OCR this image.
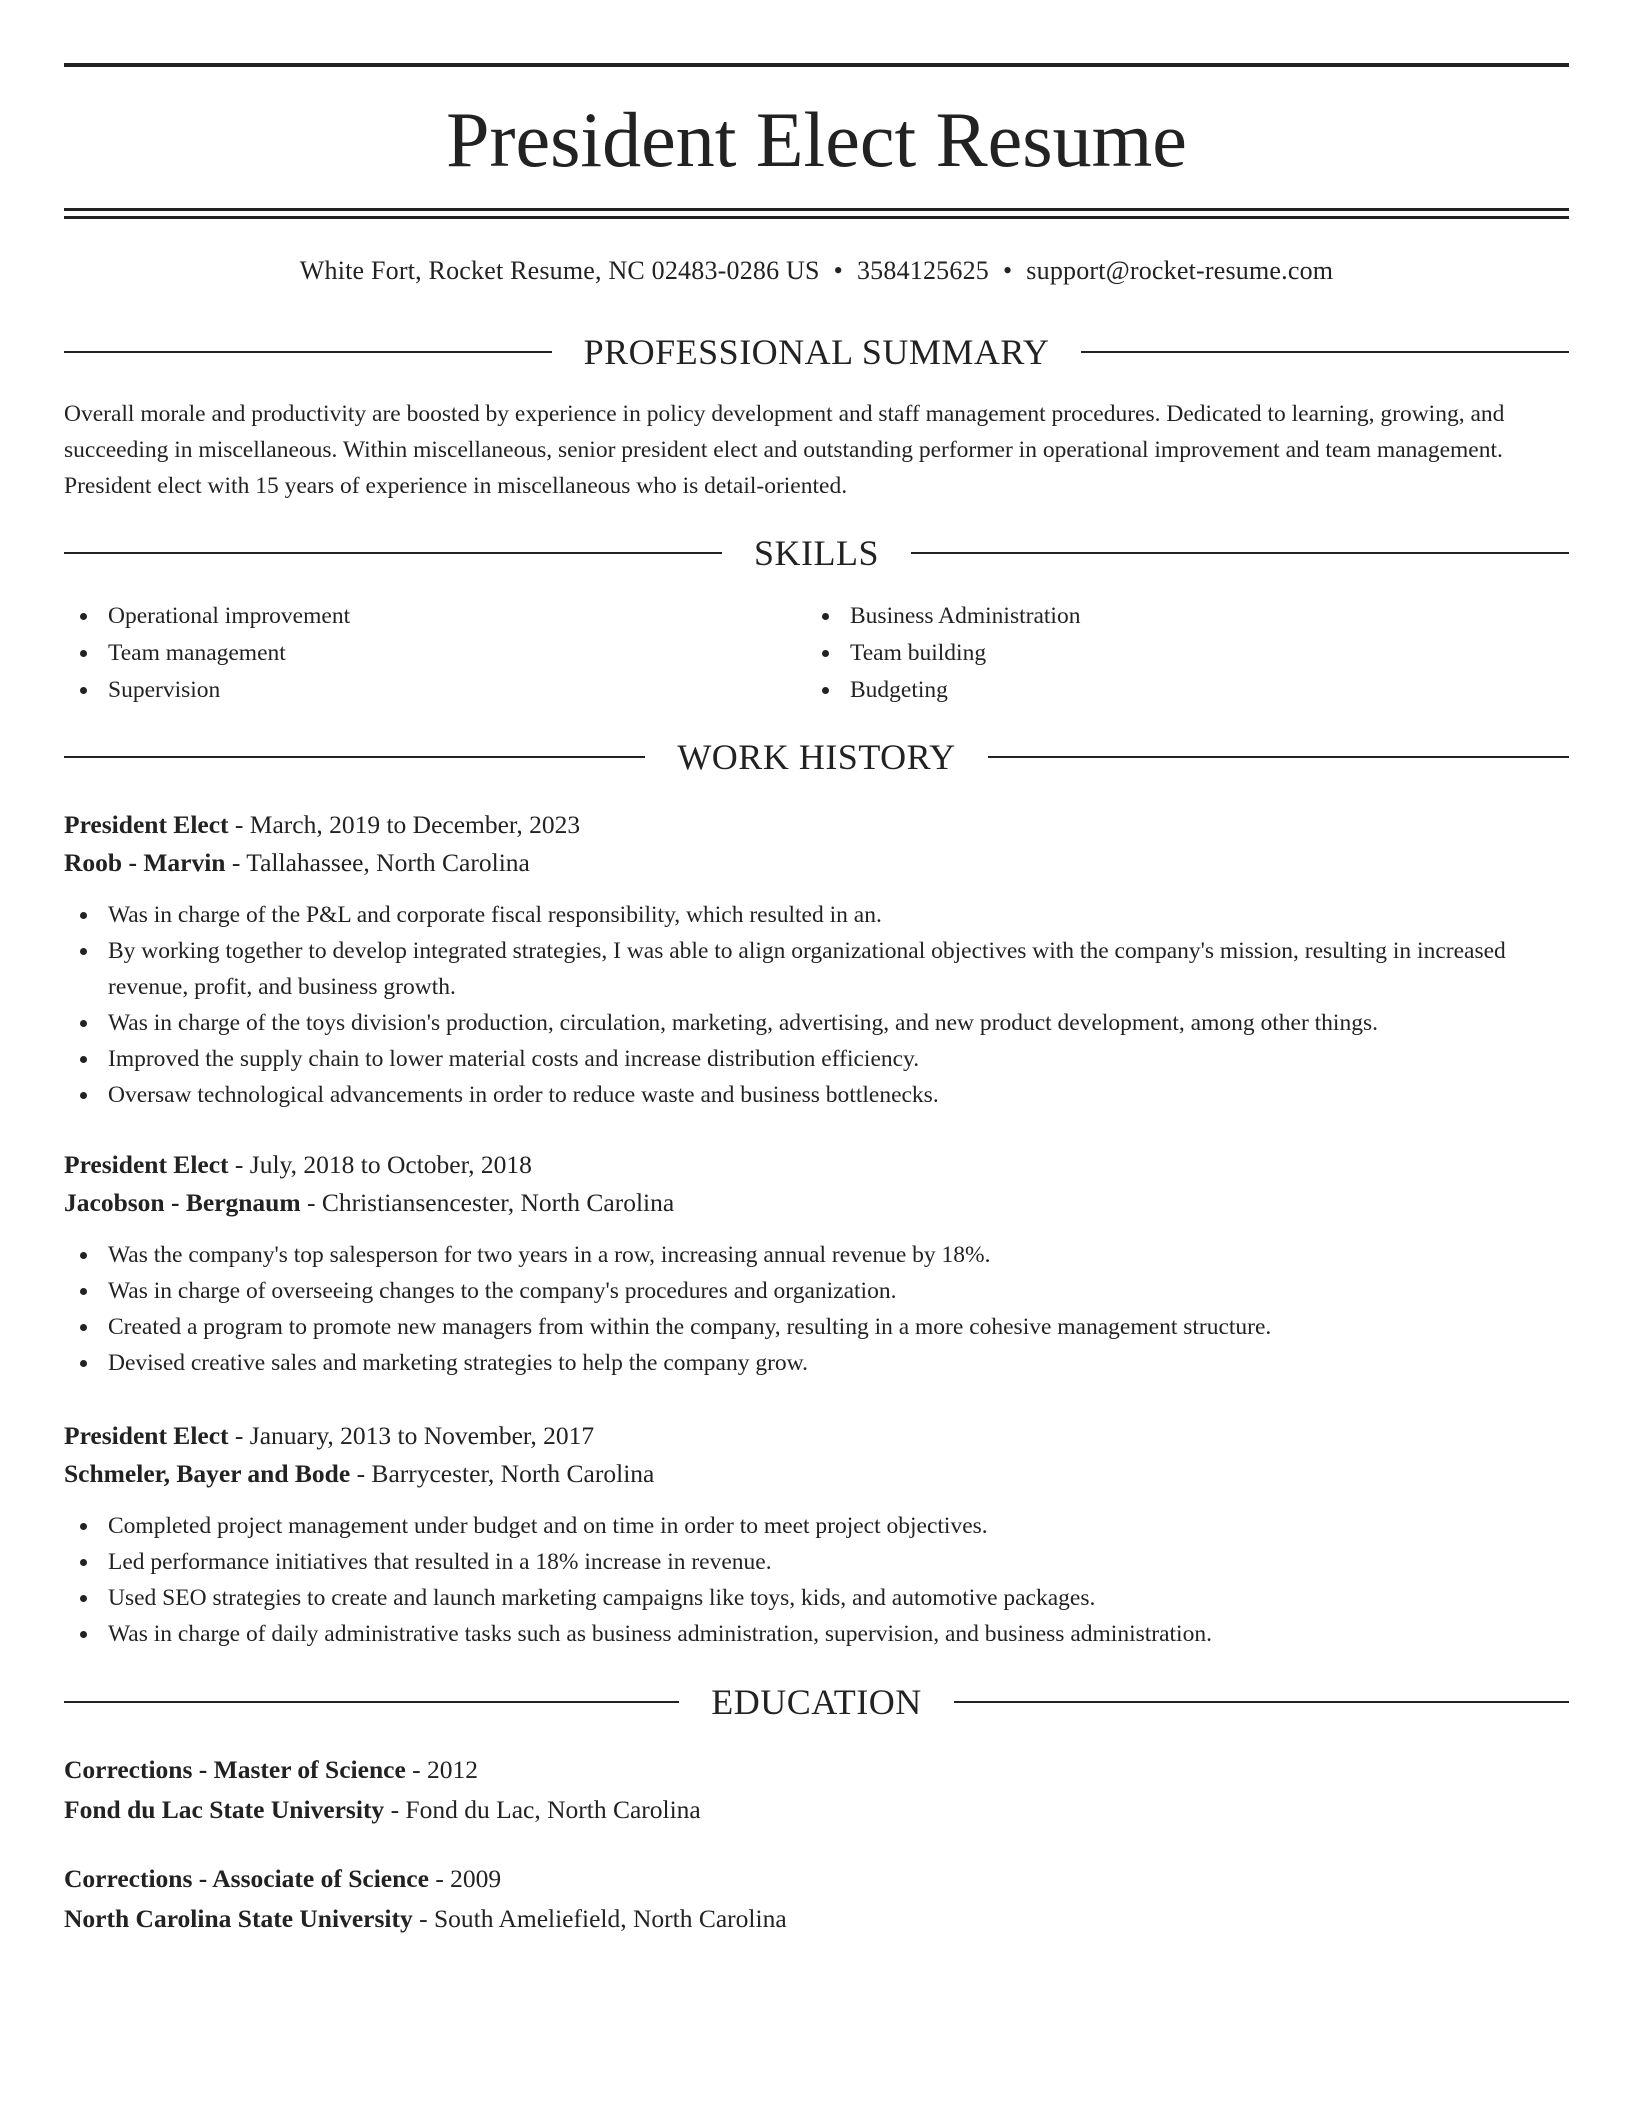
President Elect Resume
White Fort, Rocket Resume, NC 02483-0286 US • 3584125625 • support@rocket-resume.com
PROFESSIONAL SUMMARY

Overall morale and productivity are boosted by experience in policy development and staff management procedures. Dedicated to learning, growing, and succeeding in miscellaneous. Within miscellaneous, senior president elect and outstanding performer in operational improvement and team management. President elect with 15 years of experience in miscellaneous who is detail-oriented.

SKILLS
Operational improvement
Team management
Supervision
Business Administration
Team building
Budgeting
WORK HISTORY
President Elect - March, 2019 to December, 2023
Roob - Marvin - Tallahassee, North Carolina
Was in charge of the P&L and corporate fiscal responsibility, which resulted in an.
By working together to develop integrated strategies, I was able to align organizational objectives with the company's mission, resulting in increased revenue, profit, and business growth.
Was in charge of the toys division's production, circulation, marketing, advertising, and new product development, among other things.
Improved the supply chain to lower material costs and increase distribution efficiency.
Oversaw technological advancements in order to reduce waste and business bottlenecks.
President Elect - July, 2018 to October, 2018
Jacobson - Bergnaum - Christiansencester, North Carolina
Was the company's top salesperson for two years in a row, increasing annual revenue by 18%.
Was in charge of overseeing changes to the company's procedures and organization.
Created a program to promote new managers from within the company, resulting in a more cohesive management structure.
Devised creative sales and marketing strategies to help the company grow.
President Elect - January, 2013 to November, 2017
Schmeler, Bayer and Bode - Barrycester, North Carolina
Completed project management under budget and on time in order to meet project objectives.
Led performance initiatives that resulted in a 18% increase in revenue.
Used SEO strategies to create and launch marketing campaigns like toys, kids, and automotive packages.
Was in charge of daily administrative tasks such as business administration, supervision, and business administration.
EDUCATION
Corrections - Master of Science - 2012
Fond du Lac State University - Fond du Lac, North Carolina
Corrections - Associate of Science - 2009
North Carolina State University - South Ameliefield, North Carolina
